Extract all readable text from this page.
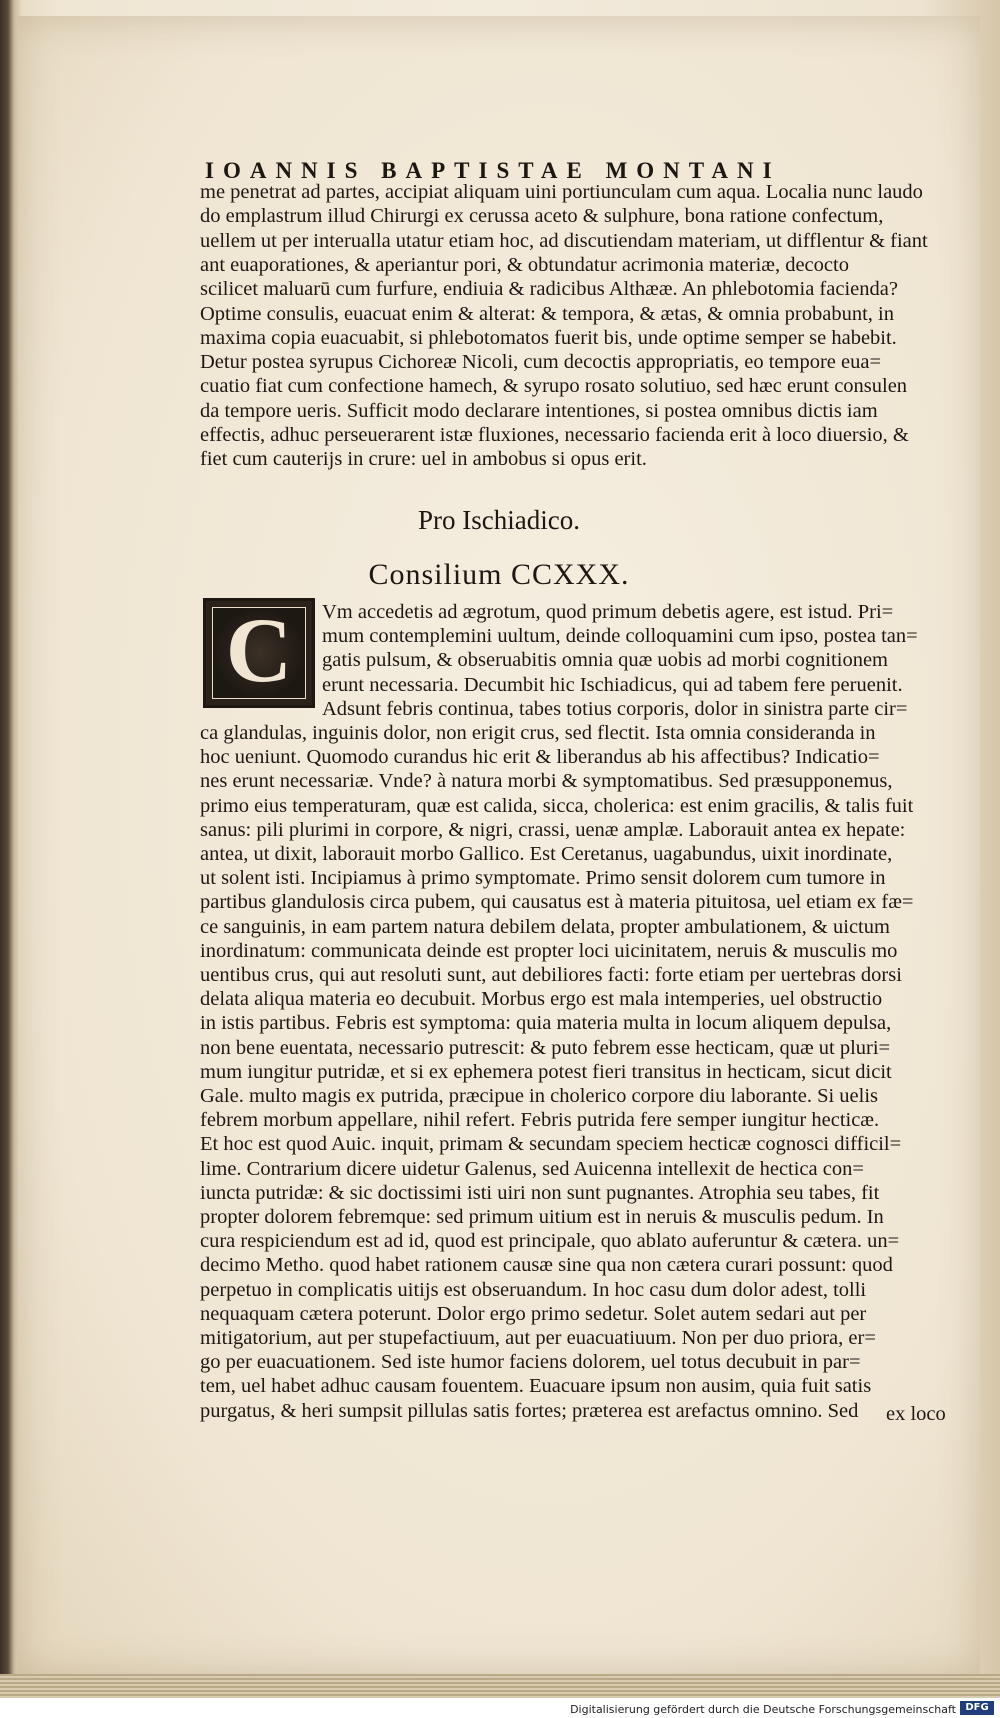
IOANNIS BAPTISTAE MONTANI
me penetrat ad partes, accipiat aliquam uini portiunculam cum aqua. Localia nunc laudo
do emplastrum illud Chirurgi ex cerussa aceto & sulphure, bona ratione confectum,
uellem ut per interualla utatur etiam hoc, ad discutiendam materiam, ut difflentur & fiant
ant euaporationes, & aperiantur pori, & obtundatur acrimonia materiæ, decocto
scilicet maluarū cum furfure, endiuia & radicibus Althææ. An phlebotomia facienda?
Optime consulis, euacuat enim & alterat: & tempora, & ætas, & omnia probabunt, in
maxima copia euacuabit, si phlebotomatos fuerit bis, unde optime semper se habebit.
Detur postea syrupus Cichoreæ Nicoli, cum decoctis appropriatis, eo tempore eua=
cuatio fiat cum confectione hamech, & syrupo rosato solutiuo, sed hæc erunt consulen
da tempore ueris. Sufficit modo declarare intentiones, si postea omnibus dictis iam
effectis, adhuc perseuerarent istæ fluxiones, necessario facienda erit à loco diuersio, &
fiet cum cauterijs in crure: uel in ambobus si opus erit.
Pro Ischiadico.
Consilium CCXXX.
C	Vm accedetis ad ægrotum, quod primum debetis agere, est istud. Pri=
mum contemplemini uultum, deinde colloquamini cum ipso, postea tan=
gatis pulsum, & obseruabitis omnia quæ uobis ad morbi cognitionem
erunt necessaria. Decumbit hic Ischiadicus, qui ad tabem fere peruenit.
Adsunt febris continua, tabes totius corporis, dolor in sinistra parte cir=
ca glandulas, inguinis dolor, non erigit crus, sed flectit. Ista omnia consideranda in
hoc ueniunt. Quomodo curandus hic erit & liberandus ab his affectibus? Indicatio=
nes erunt necessariæ. Vnde? à natura morbi & symptomatibus. Sed præsupponemus,
primo eius temperaturam, quæ est calida, sicca, cholerica: est enim gracilis, & talis fuit
sanus: pili plurimi in corpore, & nigri, crassi, uenæ amplæ. Laborauit antea ex hepate:
antea, ut dixit, laborauit morbo Gallico. Est Ceretanus, uagabundus, uixit inordinate,
ut solent isti. Incipiamus à primo symptomate. Primo sensit dolorem cum tumore in
partibus glandulosis circa pubem, qui causatus est à materia pituitosa, uel etiam ex fæ=
ce sanguinis, in eam partem natura debilem delata, propter ambulationem, & uictum
inordinatum: communicata deinde est propter loci uicinitatem, neruis & musculis mo
uentibus crus, qui aut resoluti sunt, aut debiliores facti: forte etiam per uertebras dorsi
delata aliqua materia eo decubuit. Morbus ergo est mala intemperies, uel obstructio
in istis partibus. Febris est symptoma: quia materia multa in locum aliquem depulsa,
non bene euentata, necessario putrescit: & puto febrem esse hecticam, quæ ut pluri=
mum iungitur putridæ, et si ex ephemera potest fieri transitus in hecticam, sicut dicit
Gale. multo magis ex putrida, præcipue in cholerico corpore diu laborante. Si uelis
febrem morbum appellare, nihil refert. Febris putrida fere semper iungitur hecticæ.
Et hoc est quod Auic. inquit, primam & secundam speciem hecticæ cognosci difficil=
lime. Contrarium dicere uidetur Galenus, sed Auicenna intellexit de hectica con=
iuncta putridæ: & sic doctissimi isti uiri non sunt pugnantes. Atrophia seu tabes, fit
propter dolorem febremque: sed primum uitium est in neruis & musculis pedum. In
cura respiciendum est ad id, quod est principale, quo ablato auferuntur & cætera. un=
decimo Metho. quod habet rationem causæ sine qua non cætera curari possunt: quod
perpetuo in complicatis uitijs est obseruandum. In hoc casu dum dolor adest, tolli
nequaquam cætera poterunt. Dolor ergo primo sedetur. Solet autem sedari aut per
mitigatorium, aut per stupefactiuum, aut per euacuatiuum. Non per duo priora, er=
go per euacuationem. Sed iste humor faciens dolorem, uel totus decubuit in par=
tem, uel habet adhuc causam fouentem. Euacuare ipsum non ausim, quia fuit satis
purgatus, & heri sumpsit pillulas satis fortes; præterea est arefactus omnino. Sed	ex loco
Digitalisierung gefördert durch die Deutsche Forschungsgemeinschaft DFG
